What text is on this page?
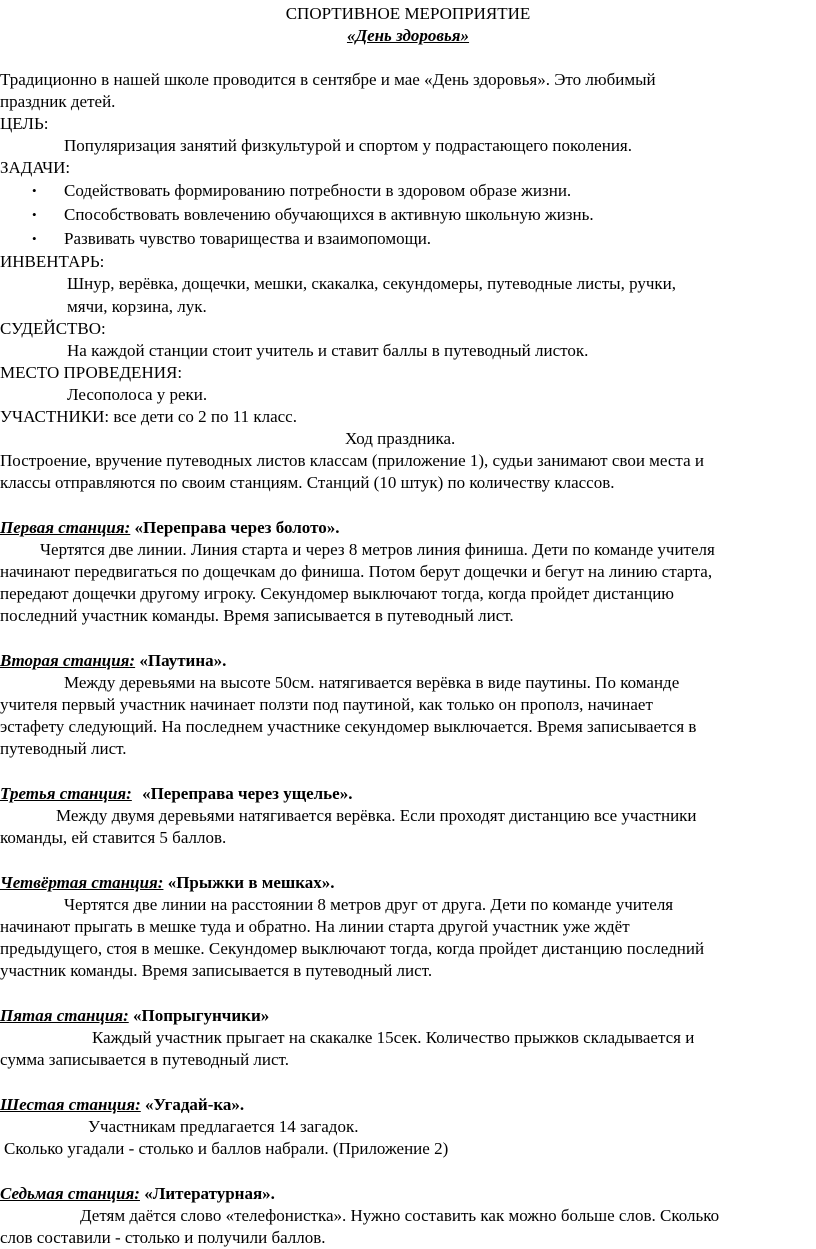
СПОРТИВНОЕ МЕРОПРИЯТИЕ
«День здоровья»
Традиционно в нашей школе проводится в сентябре и мае «День здоровья». Это любимый
праздник детей.
ЦЕЛЬ:
Популяризация занятий физкультурой и спортом у подрастающего поколения.
ЗАДАЧИ:
• Содействовать формированию потребности в здоровом образе жизни.
• Способствовать вовлечению обучающихся в активную школьную жизнь.
• Развивать чувство товарищества и взаимопомощи.
ИНВЕНТАРЬ:
Шнур, верёвка, дощечки, мешки, скакалка, секундомеры, путеводные листы, ручки,
мячи, корзина, лук.
СУДЕЙСТВО:
На каждой станции стоит учитель и ставит баллы в путеводный листок.
МЕСТО ПРОВЕДЕНИЯ:
Лесополоса у реки.
УЧАСТНИКИ: все дети со 2 по 11 класс.
Ход праздника.
Построение, вручение путеводных листов классам (приложение 1), судьи занимают свои места и
классы отправляются по своим станциям. Станций (10 штук) по количеству классов.
Первая станция: «Переправа через болото».
Чертятся две линии. Линия старта и через 8 метров линия финиша. Дети по команде учителя
начинают передвигаться по дощечкам до финиша. Потом берут дощечки и бегут на линию старта,
передают дощечки другому игроку. Секундомер выключают тогда, когда пройдет дистанцию
последний участник команды. Время записывается в путеводный лист.
Вторая станция: «Паутина».
Между деревьями на высоте 50см. натягивается верёвка в виде паутины. По команде
учителя первый участник начинает ползти под паутиной, как только он прополз, начинает
эстафету следующий. На последнем участнике секундомер выключается. Время записывается в
путеводный лист.
Третья станция: «Переправа через ущелье».
Между двумя деревьями натягивается верёвка. Если проходят дистанцию все участники
команды, ей ставится 5 баллов.
Четвёртая станция: «Прыжки в мешках».
Чертятся две линии на расстоянии 8 метров друг от друга. Дети по команде учителя
начинают прыгать в мешке туда и обратно. На линии старта другой участник уже ждёт
предыдущего, стоя в мешке. Секундомер выключают тогда, когда пройдет дистанцию последний
участник команды. Время записывается в путеводный лист.
Пятая станция: «Попрыгунчики»
Каждый участник прыгает на скакалке 15сек. Количество прыжков складывается и
сумма записывается в путеводный лист.
Шестая станция: «Угадай-ка».
Участникам предлагается 14 загадок.
Сколько угадали - столько и баллов набрали. (Приложение 2)
Седьмая станция: «Литературная».
Детям даётся слово «телефонистка». Нужно составить как можно больше слов. Сколько
слов составили - столько и получили баллов.
